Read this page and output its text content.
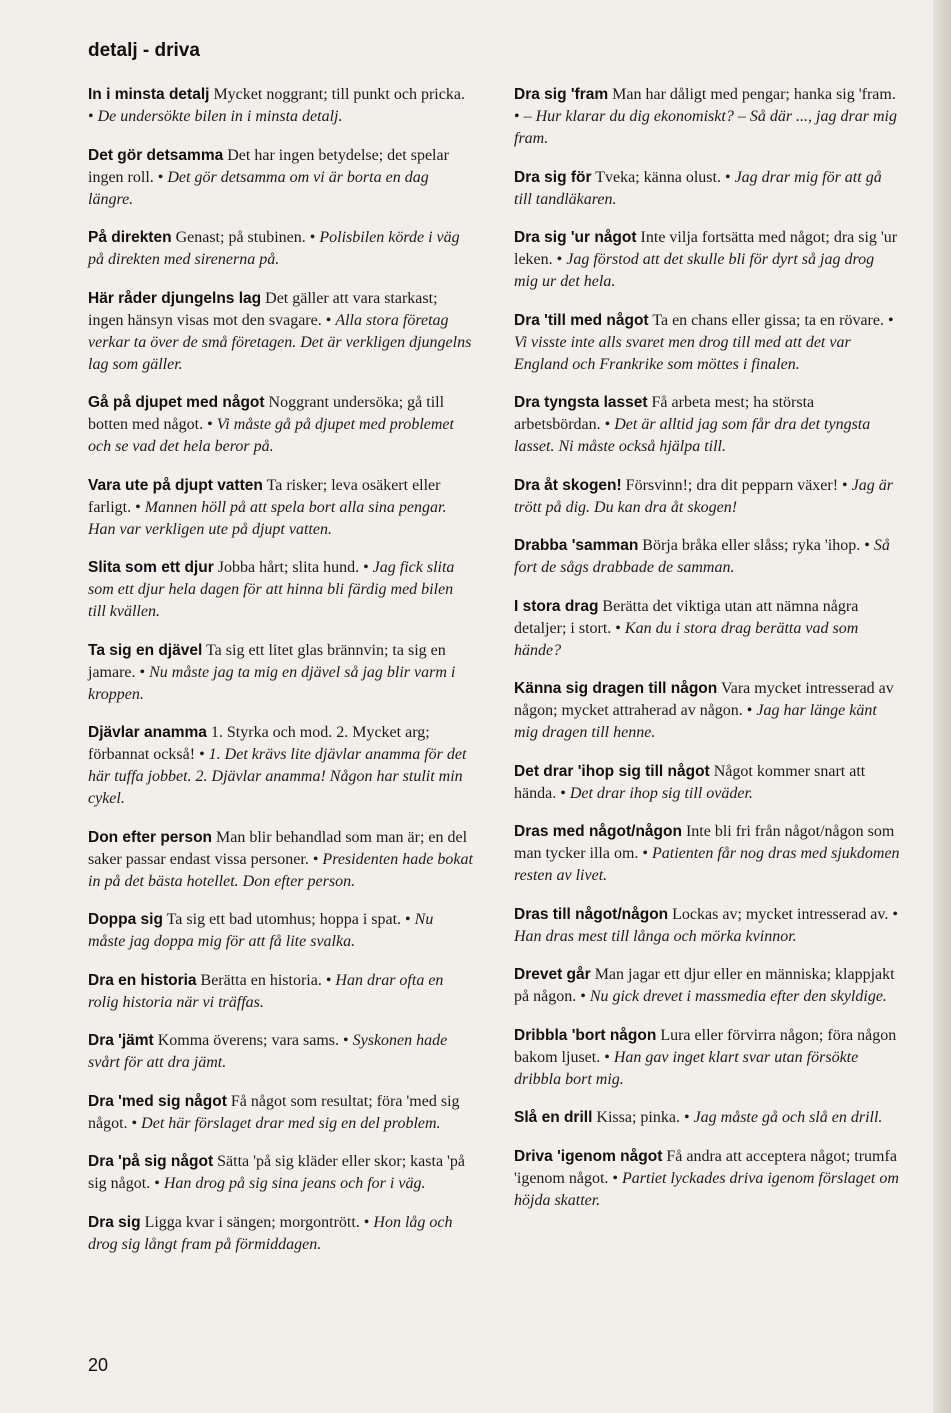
detalj - driva

In i minsta detalj Mycket noggrant; till punkt och pricka. • De undersökte bilen in i minsta detalj.

Det gör detsamma Det har ingen betydelse; det spelar ingen roll. • Det gör detsamma om vi är borta en dag längre.

På direkten Genast; på stubinen. • Polisbilen körde i väg på direkten med sirenerna på.

Här råder djungelns lag Det gäller att vara starkast; ingen hänsyn visas mot den svagare. • Alla stora företag verkar ta över de små företagen. Det är verkligen djungelns lag som gäller.

Gå på djupet med något Noggrant undersöka; gå till botten med något. • Vi måste gå på djupet med problemet och se vad det hela beror på.

Vara ute på djupt vatten Ta risker; leva osäkert eller farligt. • Mannen höll på att spela bort alla sina pengar. Han var verkligen ute på djupt vatten.

Slita som ett djur Jobba hårt; slita hund. • Jag fick slita som ett djur hela dagen för att hinna bli färdig med bilen till kvällen.

Ta sig en djävel Ta sig ett litet glas brännvin; ta sig en jamare. • Nu måste jag ta mig en djävel så jag blir varm i kroppen.

Djävlar anamma 1. Styrka och mod. 2. Mycket arg; förbannat också! • 1. Det krävs lite djävlar anamma för det här tuffa jobbet. 2. Djävlar anamma! Någon har stulit min cykel.

Don efter person Man blir behandlad som man är; en del saker passar endast vissa personer. • Presidenten hade bokat in på det bästa hotellet. Don efter person.

Doppa sig Ta sig ett bad utomhus; hoppa i spat. • Nu måste jag doppa mig för att få lite svalka.

Dra en historia Berätta en historia. • Han drar ofta en rolig historia när vi träffas.

Dra 'jämt Komma överens; vara sams. • Syskonen hade svårt för att dra jämt.

Dra 'med sig något Få något som resultat; föra 'med sig något. • Det här förslaget drar med sig en del problem.

Dra 'på sig något Sätta 'på sig kläder eller skor; kasta 'på sig något. • Han drog på sig sina jeans och for i väg.

Dra sig Ligga kvar i sängen; morgontrött. • Hon låg och drog sig långt fram på förmiddagen.

Dra sig 'fram Man har dåligt med pengar; hanka sig 'fram. • – Hur klarar du dig ekonomiskt? – Så där ..., jag drar mig fram.

Dra sig för Tveka; känna olust. • Jag drar mig för att gå till tandläkaren.

Dra sig 'ur något Inte vilja fortsätta med något; dra sig 'ur leken. • Jag förstod att det skulle bli för dyrt så jag drog mig ur det hela.

Dra 'till med något Ta en chans eller gissa; ta en rövare. • Vi visste inte alls svaret men drog till med att det var England och Frankrike som möttes i finalen.

Dra tyngsta lasset Få arbeta mest; ha största arbetsbördan. • Det är alltid jag som får dra det tyngsta lasset. Ni måste också hjälpa till.

Dra åt skogen! Försvinn!; dra dit pepparn växer! • Jag är trött på dig. Du kan dra åt skogen!

Drabba 'samman Börja bråka eller slåss; ryka 'ihop. • Så fort de sågs drabbade de samman.

I stora drag Berätta det viktiga utan att nämna några detaljer; i stort. • Kan du i stora drag berätta vad som hände?

Känna sig dragen till någon Vara mycket intresserad av någon; mycket attraherad av någon. • Jag har länge känt mig dragen till henne.

Det drar 'ihop sig till något Något kommer snart att hända. • Det drar ihop sig till oväder.

Dras med något/någon Inte bli fri från något/någon som man tycker illa om. • Patienten får nog dras med sjukdomen resten av livet.

Dras till något/någon Lockas av; mycket intresserad av. • Han dras mest till långa och mörka kvinnor.

Drevet går Man jagar ett djur eller en människa; klappjakt på någon. • Nu gick drevet i massmedia efter den skyldige.

Dribbla 'bort någon Lura eller förvirra någon; föra någon bakom ljuset. • Han gav inget klart svar utan försökte dribbla bort mig.

Slå en drill Kissa; pinka. • Jag måste gå och slå en drill.

Driva 'igenom något Få andra att acceptera något; trumfa 'igenom något. • Partiet lyckades driva igenom förslaget om höjda skatter.

20
